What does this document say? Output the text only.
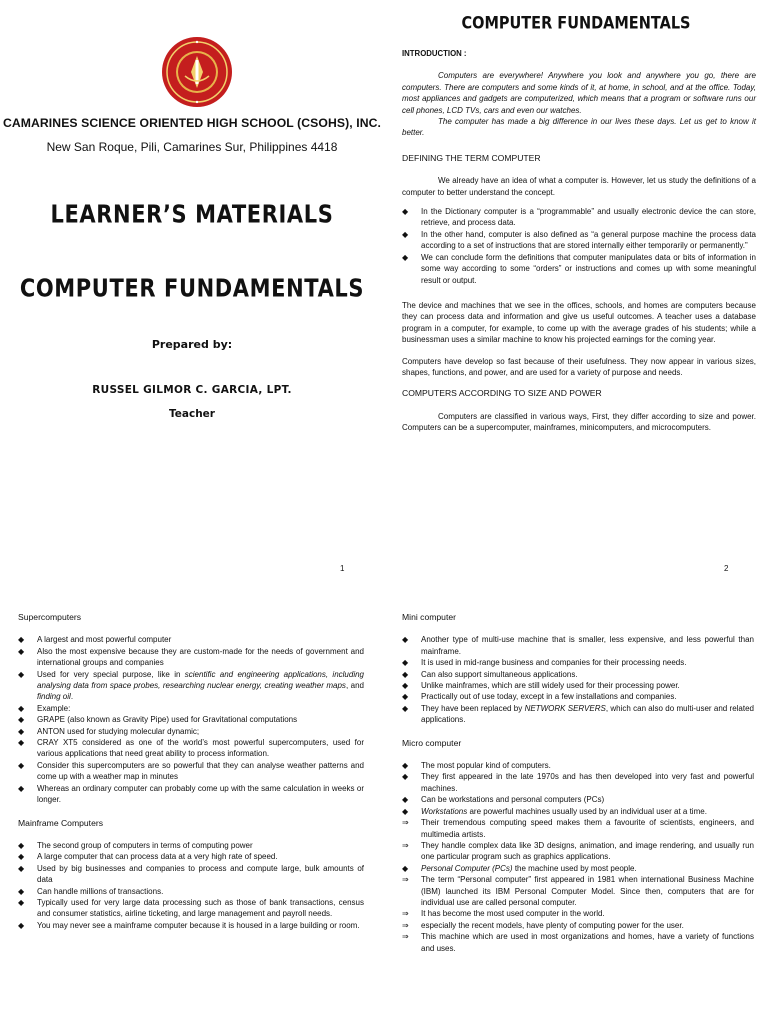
CAMARINES SCIENCE ORIENTED HIGH SCHOOL (CSOHS), INC.
New San Roque, Pili, Camarines Sur, Philippines 4418
LEARNER’S MATERIALS
COMPUTER FUNDAMENTALS
Prepared by:
RUSSEL GILMOR C. GARCIA, LPT.
Teacher
1
COMPUTER FUNDAMENTALS
INTRODUCTION :
Computers are everywhere! Anywhere you look and anywhere you go, there are computers. There are computers and some kinds of it, at home, in school, and at the office. Today, most appliances and gadgets are computerized, which means that a program or software runs our cell phones, LCD TVs, cars and even our watches.
The computer has made a big difference in our lives these days. Let us get to know it better.
DEFINING THE TERM COMPUTER
We already have an idea of what a computer is. However, let us study the definitions of a computer to better understand the concept.
◆ In the Dictionary computer is a “programmable” and usually electronic device the can store, retrieve, and process data.
◆ In the other hand, computer is also defined as “a general purpose machine the process data according to a set of instructions that are stored internally either temporarily or permanently.”
◆ We can conclude form the definitions that computer manipulates data or bits of information in some way according to some “orders” or instructions and comes up with some meaningful result or output.
The device and machines that we see in the offices, schools, and homes are computers because they can process data and information and give us useful outcomes. A teacher uses a database program in a computer, for example, to come up with the average grades of his students; while a businessman uses a similar machine to know his projected earnings for the coming year.
Computers have develop so fast because of their usefulness. They now appear in various sizes, shapes, functions, and power, and are used for a variety of purpose and needs.
COMPUTERS ACCORDING TO SIZE AND POWER
Computers are classified in various ways, First, they differ according to size and power. Computers can be a supercomputer, mainframes, minicomputers, and microcomputers.
2
Supercomputers
◆ A largest and most powerful computer
◆ Also the most expensive because they are custom-made for the needs of government and international groups and companies
◆ Used for very special purpose, like in scientific and engineering applications, including analysing data from space probes, researching nuclear energy, creating weather maps, and finding oil.
◆ Example:
◆ GRAPE (also known as Gravity Pipe) used for Gravitational computations
◆ ANTON used for studying molecular dynamic;
◆ CRAY XT5 considered as one of the world’s most powerful supercomputers, used for various applications that need great ability to process information.
◆ Consider this supercomputers are so powerful that they can analyse weather patterns and come up with a weather map in minutes
◆ Whereas an ordinary computer can probably come up with the same calculation in weeks or longer.
Mainframe Computers
◆ The second group of computers in terms of computing power
◆ A large computer that can process data at a very high rate of speed.
◆ Used by big businesses and companies to process and compute large, bulk amounts of data
◆ Can handle millions of transactions.
◆ Typically used for very large data processing such as those of bank transactions, census and consumer statistics, airline ticketing, and large management and payroll needs.
◆ You may never see a mainframe computer because it is housed in a large building or room.
Mini computer
◆ Another type of multi-use machine that is smaller, less expensive, and less powerful than mainframe.
◆ It is used in mid-range business and companies for their processing needs.
◆ Can also support simultaneous applications.
◆ Unlike mainframes, which are still widely used for their processing power.
◆ Practically out of use today, except in a few installations and companies.
◆ They have been replaced by NETWORK SERVERS, which can also do multi-user and related applications.
Micro computer
◆ The most popular kind of computers.
◆ They first appeared in the late 1970s and has then developed into very fast and powerful machines.
◆ Can be workstations and personal computers (PCs)
◆ Workstations are powerful machines usually used by an individual user at a time.
⇒ Their tremendous computing speed makes them a favourite of scientists, engineers, and multimedia artists.
⇒ They handle complex data like 3D designs, animation, and image rendering, and usually run one particular program such as graphics applications.
◆ Personal Computer (PCs) the machine used by most people.
⇒ The term “Personal computer” first appeared in 1981 when international Business Machine (IBM) launched its IBM Personal Computer Model. Since then, computers that are for individual use are called personal computer.
⇒ It has become the most used computer in the world.
⇒ especially the recent models, have plenty of computing power for the user.
⇒ This machine which are used in most organizations and homes, have a variety of functions and uses.
